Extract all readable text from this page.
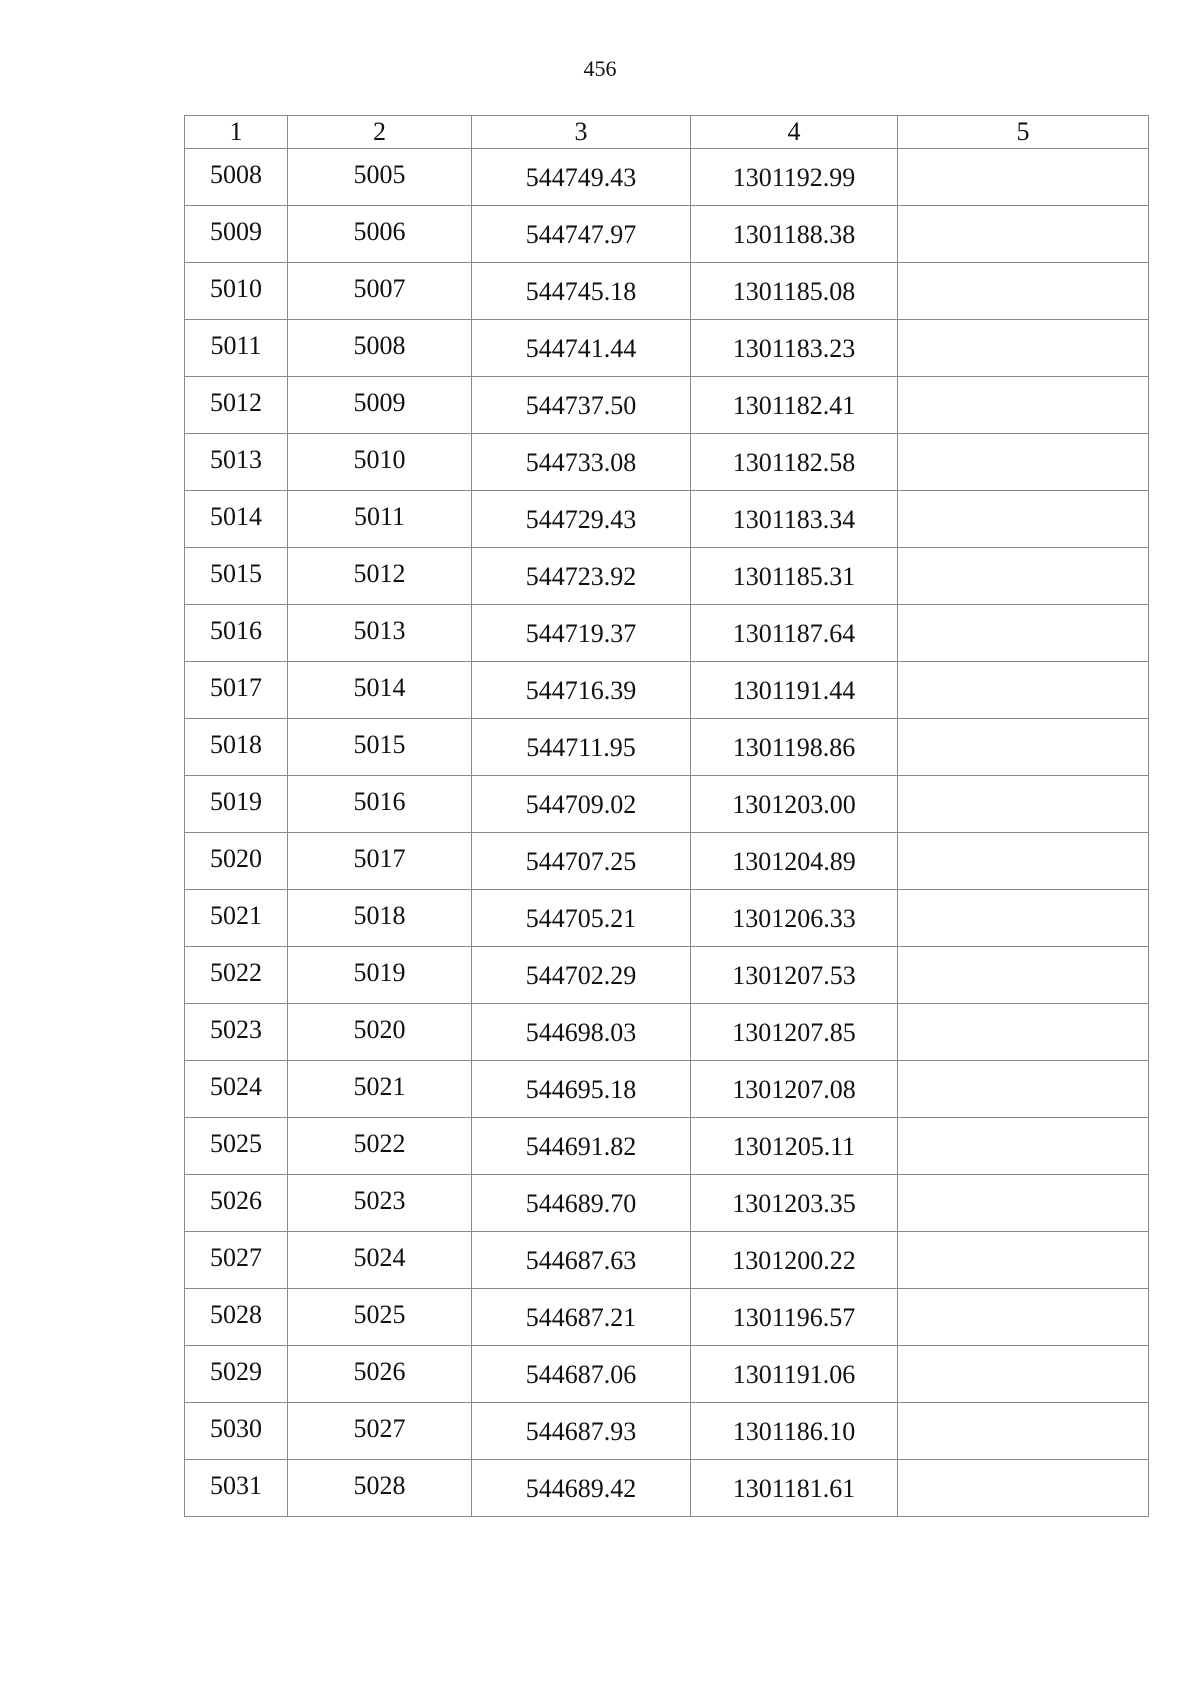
456
1	2	3	4	5
5008	5005	544749.43	1301192.99	
5009	5006	544747.97	1301188.38	
5010	5007	544745.18	1301185.08	
5011	5008	544741.44	1301183.23	
5012	5009	544737.50	1301182.41	
5013	5010	544733.08	1301182.58	
5014	5011	544729.43	1301183.34	
5015	5012	544723.92	1301185.31	
5016	5013	544719.37	1301187.64	
5017	5014	544716.39	1301191.44	
5018	5015	544711.95	1301198.86	
5019	5016	544709.02	1301203.00	
5020	5017	544707.25	1301204.89	
5021	5018	544705.21	1301206.33	
5022	5019	544702.29	1301207.53	
5023	5020	544698.03	1301207.85	
5024	5021	544695.18	1301207.08	
5025	5022	544691.82	1301205.11	
5026	5023	544689.70	1301203.35	
5027	5024	544687.63	1301200.22	
5028	5025	544687.21	1301196.57	
5029	5026	544687.06	1301191.06	
5030	5027	544687.93	1301186.10	
5031	5028	544689.42	1301181.61	
